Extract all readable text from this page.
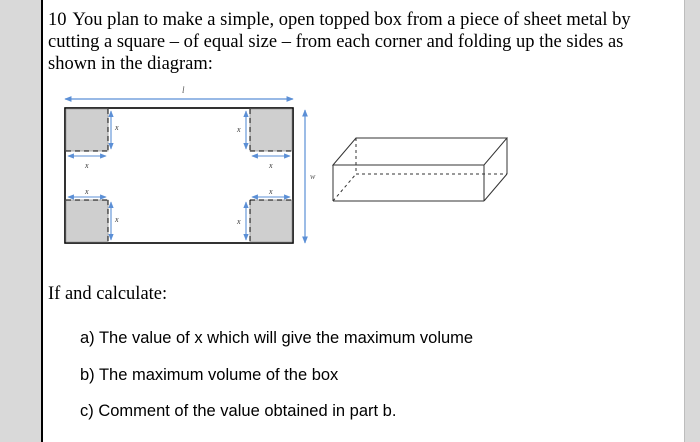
10 You plan to make a simple, open topped box from a piece of sheet metal by cutting a square – of equal size – from each corner and folding up the sides as shown in the diagram:
l
x	x
x	x
x	x
x	x
w
If and calculate:
a) The value of x which will give the maximum volume
b) The maximum volume of the box
c) Comment of the value obtained in part b.
